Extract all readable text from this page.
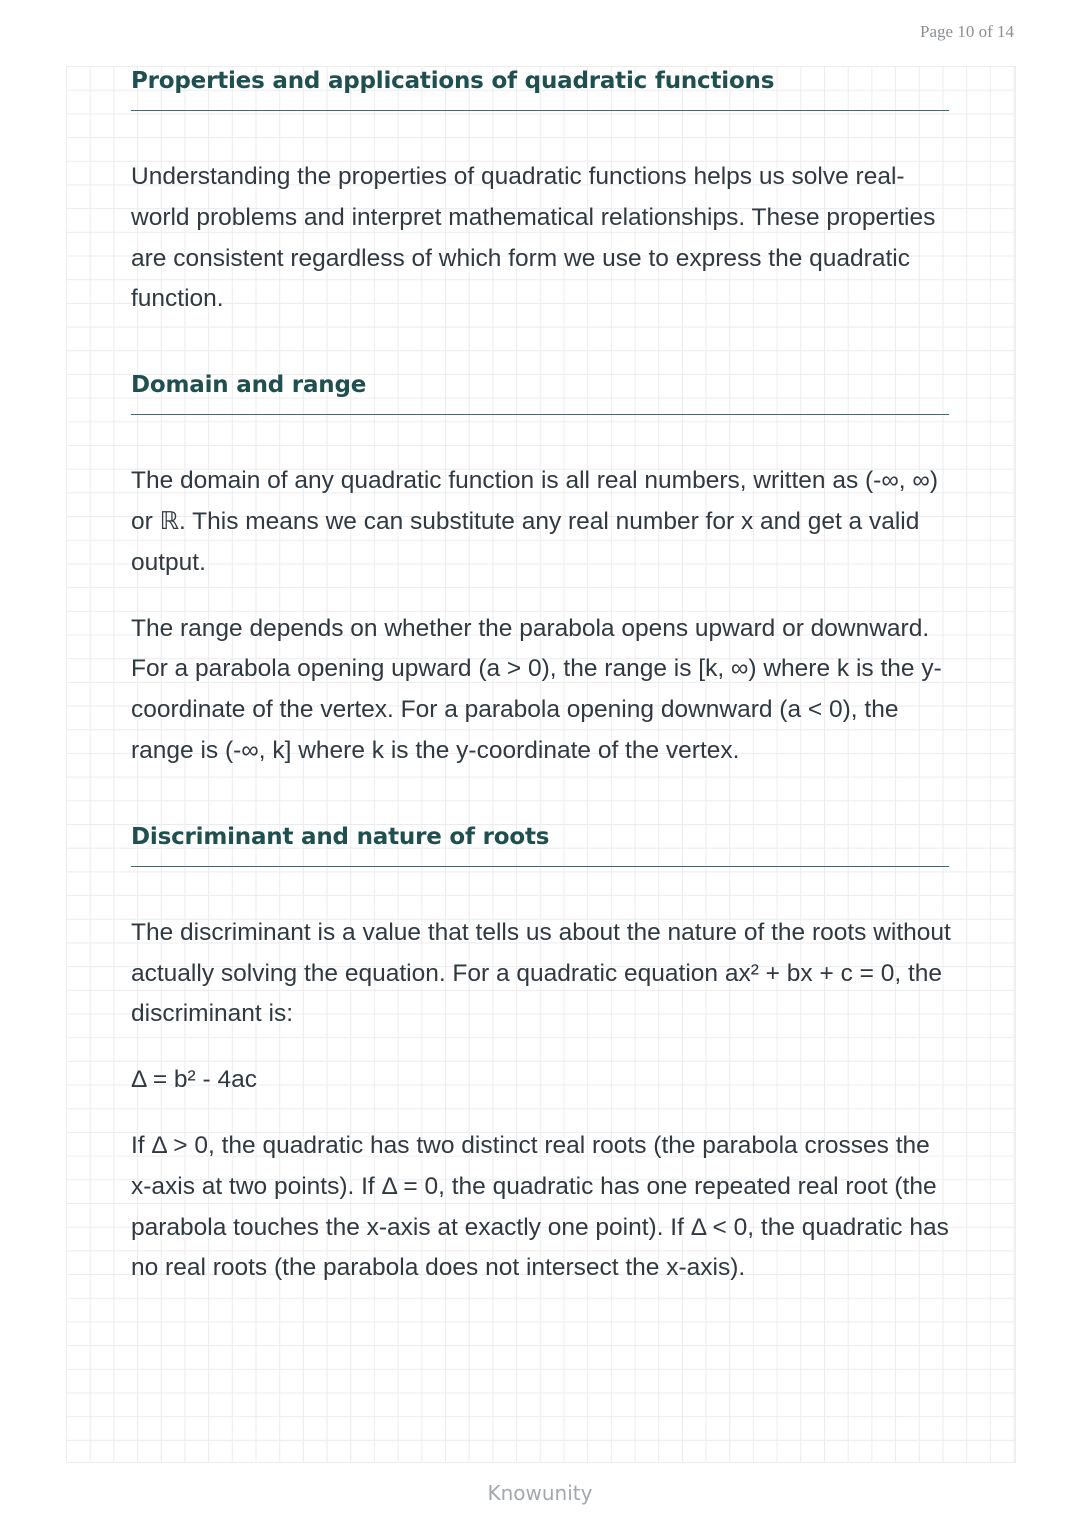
Page 10 of 14
Properties and applications of quadratic functions

Understanding the properties of quadratic functions helps us solve real-world problems and interpret mathematical relationships. These properties are consistent regardless of which form we use to express the quadratic function.

Domain and range

The domain of any quadratic function is all real numbers, written as (-∞, ∞) or ℝ. This means we can substitute any real number for x and get a valid output.

The range depends on whether the parabola opens upward or downward. For a parabola opening upward (a > 0), the range is [k, ∞) where k is the y-coordinate of the vertex. For a parabola opening downward (a < 0), the range is (-∞, k] where k is the y-coordinate of the vertex.

Discriminant and nature of roots

The discriminant is a value that tells us about the nature of the roots without actually solving the equation. For a quadratic equation ax² + bx + c = 0, the discriminant is:

Δ = b² - 4ac

If Δ > 0, the quadratic has two distinct real roots (the parabola crosses the x-axis at two points). If Δ = 0, the quadratic has one repeated real root (the parabola touches the x-axis at exactly one point). If Δ < 0, the quadratic has no real roots (the parabola does not intersect the x-axis).

Knowunity
